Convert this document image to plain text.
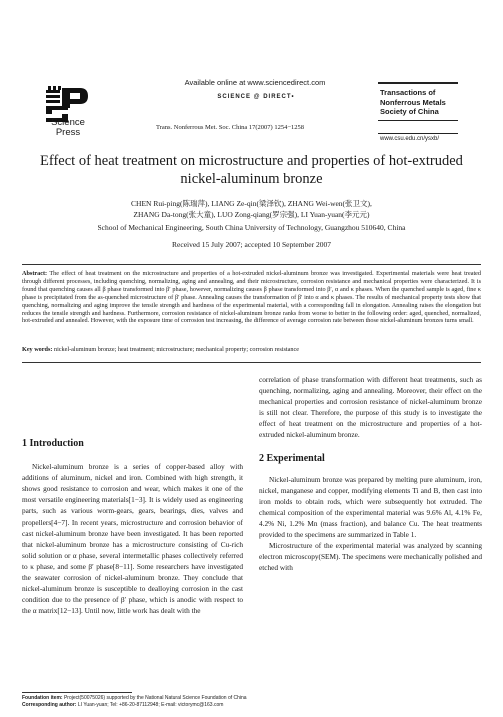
Science Press
Available online at www.sciencedirect.com
SCIENCE @ DIRECT•
Trans. Nonferrous Met. Soc. China 17(2007) 1254−1258
Transactions of Nonferrous Metals Society of China
www.csu.edu.cn/ysxb/
Effect of heat treatment on microstructure and properties of hot-extruded nickel-aluminum bronze
CHEN Rui-ping(陈瑞萍), LIANG Ze-qin(梁泽钦), ZHANG Wei-wen(张卫文),
ZHANG Da-tong(张大童), LUO Zong-qiang(罗宗强), LI Yuan-yuan(李元元)
School of Mechanical Engineering, South China University of Technology, Guangzhou 510640, China
Received 15 July 2007; accepted 10 September 2007
Abstract: The effect of heat treatment on the microstructure and properties of a hot-extruded nickel-aluminum bronze was investigated. Experimental materials were heat treated through different processes, including quenching, normalizing, aging and annealing, and their microstructure, corrosion resistance and mechanical properties were characterized. It is found that quenching causes all β phase transformed into β′ phase, however, normalizing causes β phase transformed into β′, α and κ phases. When the quenched sample is aged, fine κ phase is precipitated from the as-quenched microstructure of β′ phase. Annealing causes the transformation of β′ into α and κ phases. The results of mechanical property tests show that quenching, normalizing and aging improve the tensile strength and hardness of the experimental material, with a corresponding fall in elongation. Annealing raises the elongation but reduces the tensile strength and hardness. Furthermore, corrosion resistance of nickel-aluminum bronze ranks from worse to better in the following order: aged, quenched, normalized, hot-extruded and annealed. However, with the exposure time of corrosion test increasing, the difference of average corrosion rate between those nickel-aluminum bronzes turns small.
Key words: nickel-aluminum bronze; heat treatment; microstructure; mechanical property; corrosion resistance
1 Introduction

Nickel-aluminum bronze is a series of copper-based alloy with additions of aluminum, nickel and iron. Combined with high strength, it shows good resistance to corrosion and wear, which makes it one of the most versatile engineering materials[1−3]. It is widely used as engineering parts, such as various worm-gears, gears, bearings, dies, valves and propellers[4−7]. In recent years, microstructure and corrosion behavior of cast nickel-aluminum bronze have been investigated. It has been reported that nickel-aluminum bronze has a microstructure consisting of Cu-rich solid solution or α phase, several intermetallic phases collectively referred to κ phase, and some β′ phase[8−11]. Some researchers have investigated the seawater corrosion of nickel-aluminum bronze. They conclude that nickel-aluminum bronze is susceptible to dealloying corrosion in the cast condition due to the presence of β′ phase, which is anodic with respect to the α matrix[12−13]. Until now, little work has dealt with the

correlation of phase transformation with different heat treatments, such as quenching, normalizing, aging and annealing. Moreover, their effect on the mechanical properties and corrosion resistance of nickel-aluminum bronze is still not clear. Therefore, the purpose of this study is to investigate the effect of heat treatment on the microstructure and properties of a hot-extruded nickel-aluminum bronze.

2 Experimental

Nickel-aluminum bronze was prepared by melting pure aluminum, iron, nickel, manganese and copper, modifying elements Ti and B, then cast into iron molds to obtain rods, which were subsequently hot extruded. The chemical composition of the experimental material was 9.6% Al, 4.1% Fe, 4.2% Ni, 1.2% Mn (mass fraction), and balance Cu. The heat treatments provided to the specimens are summarized in Table 1.

Microstructure of the experimental material was analyzed by scanning electron microscopy(SEM). The specimens were mechanically polished and etched with

Foundation item: Project(50075026) supported by the National Natural Science Foundation of China
Corresponding author: LI Yuan-yuan; Tel: +86-20-87112948; E-mail: victorymc@163.com
